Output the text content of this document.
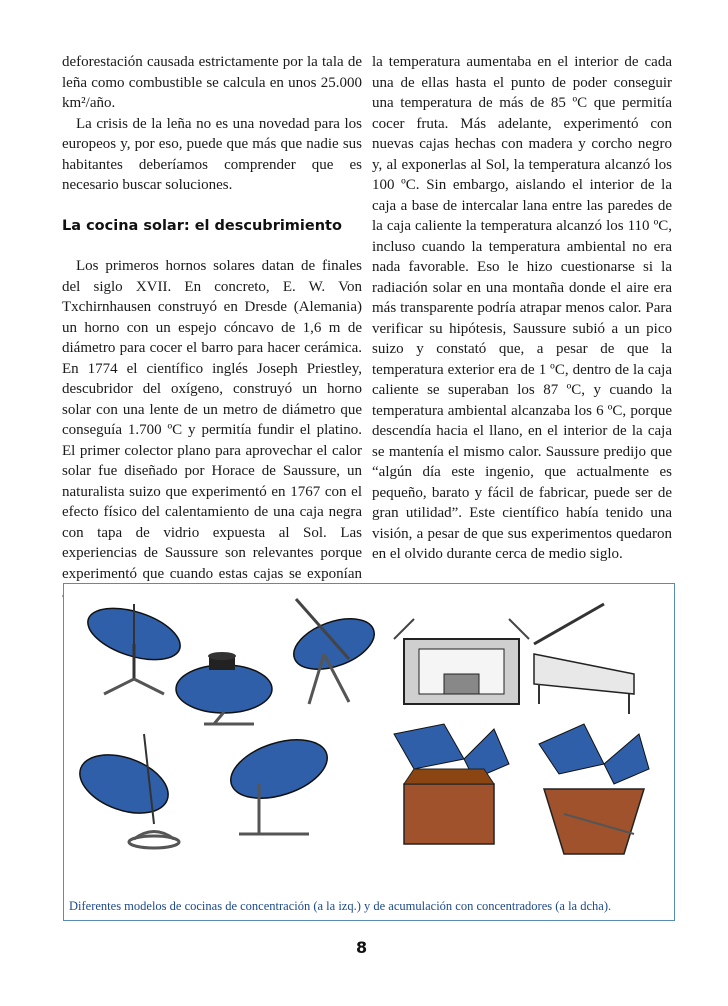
deforestación causada estrictamente por la tala de leña como combustible se calcula en unos 25.000 km²/año.

La crisis de la leña no es una novedad para los europeos y, por eso, puede que más que nadie sus habitantes deberíamos comprender que es necesario buscar soluciones.

La cocina solar: el descubrimiento

Los primeros hornos solares datan de finales del siglo XVII. En concreto, E. W. Von Txchirnhausen construyó en Dresde (Alemania) un horno con un espejo cóncavo de 1,6 m de diámetro para cocer el barro para hacer cerámica. En 1774 el científico inglés Joseph Priestley, descubridor del oxígeno, construyó un horno solar con una lente de un metro de diámetro que conseguía 1.700 ºC y permitía fundir el platino. El primer colector plano para aprovechar el calor solar fue diseñado por Horace de Saussure, un naturalista suizo que experimentó en 1767 con el efecto físico del calentamiento de una caja negra con tapa de vidrio expuesta al Sol. Las experiencias de Saussure son relevantes porque experimentó que cuando estas cajas se exponían

la temperatura aumentaba en el interior de cada una de ellas hasta el punto de poder conseguir una temperatura de más de 85 ºC que permitía cocer fruta. Más adelante, experimentó con nuevas cajas hechas con madera y corcho negro y, al exponerlas al Sol, la temperatura alcanzó los 100 ºC. Sin embargo, aislando el interior de la caja a base de intercalar lana entre las paredes de la caja caliente la temperatura alcanzó los 110 ºC, incluso cuando la temperatura ambiental no era nada favorable. Eso le hizo cuestionarse si la radiación solar en una montaña donde el aire era más transparente podría atrapar menos calor. Para verificar su hipótesis, Saussure subió a un pico suizo y constató que, a pesar de que la temperatura exterior era de 1 ºC, dentro de la caja caliente se superaban los 87 ºC, y cuando la temperatura ambiental alcanzaba los 6 ºC, porque descendía hacia el llano, en el interior de la caja se mantenía el mismo calor. Saussure predijo que “algún día este ingenio, que actualmente es pequeño, barato y fácil de fabricar, puede ser de gran utilidad”. Este científico había tenido una visión, a pesar de que sus experimentos quedaron en el olvido durante cerca de medio siglo.

Diferentes modelos de cocinas de concentración (a la izq.) y de acumulación con concentradores (a la dcha).
8
